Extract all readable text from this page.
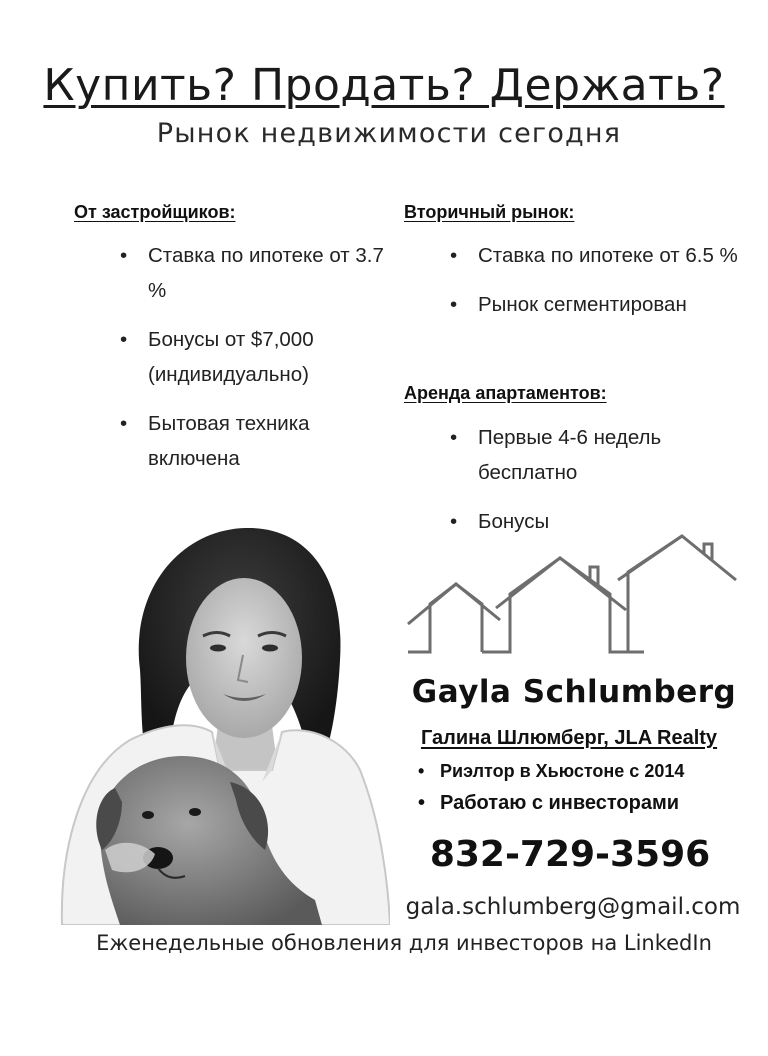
Купить? Продать? Держать?
Рынок недвижимости сегодня
От застройщиков:
• Ставка по ипотеке от 3.7 %
• Бонусы от $7,000 (индивидуально)
• Бытовая техника включена
Вторичный рынок:
• Ставка по ипотеке от 6.5 %
• Рынок сегментирован
Аренда апартаментов:
• Первые 4-6 недель бесплатно
• Бонусы
Gayla Schlumberg
Галина Шлюмберг, JLA Realty
• Риэлтор в Хьюстоне с 2014
• Работаю с инвесторами
832-729-3596
gala.schlumberg@gmail.com
Еженедельные обновления для инвесторов на LinkedIn
